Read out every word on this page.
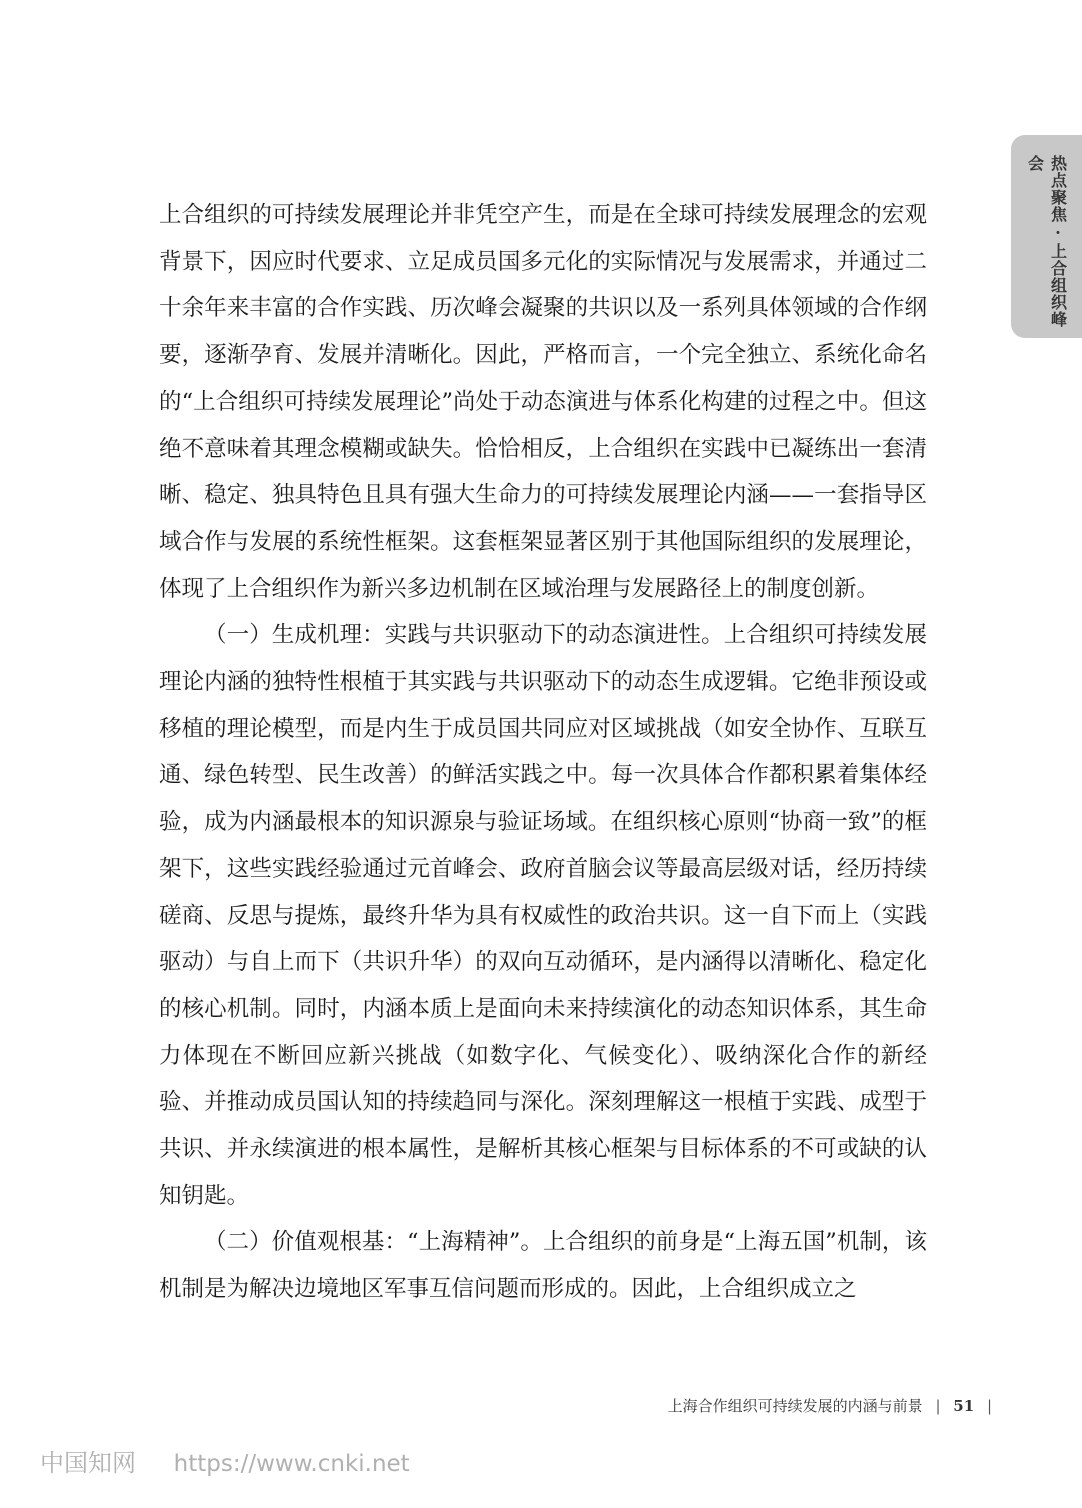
热点聚焦 · 上合组织峰会

上合组织的可持续发展理论并非凭空产生，而是在全球可持续发展理念的宏观背景下，因应时代要求、立足成员国多元化的实际情况与发展需求，并通过二十余年来丰富的合作实践、历次峰会凝聚的共识以及一系列具体领域的合作纲要，逐渐孕育、发展并清晰化。因此，严格而言，一个完全独立、系统化命名的“上合组织可持续发展理论”尚处于动态演进与体系化构建的过程之中。但这绝不意味着其理念模糊或缺失。恰恰相反，上合组织在实践中已凝练出一套清晰、稳定、独具特色且具有强大生命力的可持续发展理论内涵——一套指导区域合作与发展的系统性框架。这套框架显著区别于其他国际组织的发展理论，体现了上合组织作为新兴多边机制在区域治理与发展路径上的制度创新。

（一）生成机理：实践与共识驱动下的动态演进性。上合组织可持续发展理论内涵的独特性根植于其实践与共识驱动下的动态生成逻辑。它绝非预设或移植的理论模型，而是内生于成员国共同应对区域挑战（如安全协作、互联互通、绿色转型、民生改善）的鲜活实践之中。每一次具体合作都积累着集体经验，成为内涵最根本的知识源泉与验证场域。在组织核心原则“协商一致”的框架下，这些实践经验通过元首峰会、政府首脑会议等最高层级对话，经历持续磋商、反思与提炼，最终升华为具有权威性的政治共识。这一自下而上（实践驱动）与自上而下（共识升华）的双向互动循环，是内涵得以清晰化、稳定化的核心机制。同时，内涵本质上是面向未来持续演化的动态知识体系，其生命力体现在不断回应新兴挑战（如数字化、气候变化）、吸纳深化合作的新经验、并推动成员国认知的持续趋同与深化。深刻理解这一根植于实践、成型于共识、并永续演进的根本属性，是解析其核心框架与目标体系的不可或缺的认知钥匙。

（二）价值观根基：“上海精神”。上合组织的前身是“上海五国”机制，该机制是为解决边境地区军事互信问题而形成的。因此，上合组织成立之

上海合作组织可持续发展的内涵与前景 | 51 |
中国知网 https://www.cnki.net
